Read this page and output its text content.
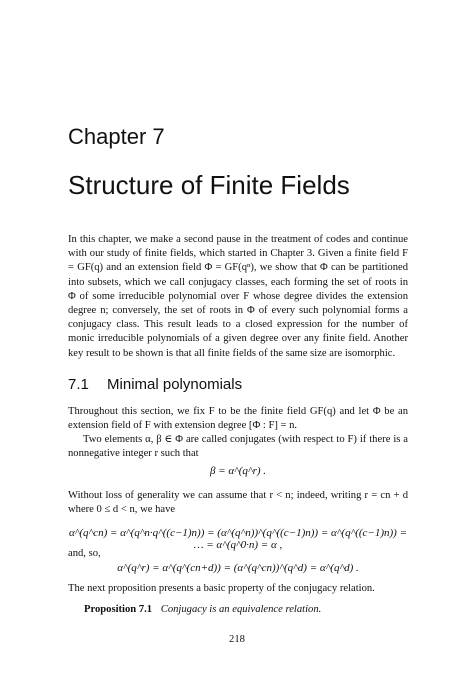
Chapter 7
Structure of Finite Fields
In this chapter, we make a second pause in the treatment of codes and continue with our study of finite fields, which started in Chapter 3. Given a finite field F = GF(q) and an extension field Φ = GF(qⁿ), we show that Φ can be partitioned into subsets, which we call conjugacy classes, each forming the set of roots in Φ of some irreducible polynomial over F whose degree divides the extension degree n; conversely, the set of roots in Φ of every such polynomial forms a conjugacy class. This result leads to a closed expression for the number of monic irreducible polynomials of a given degree over any finite field. Another key result to be shown is that all finite fields of the same size are isomorphic.
7.1 Minimal polynomials
Throughout this section, we fix F to be the finite field GF(q) and let Φ be an extension field of F with extension degree [Φ : F] = n.
Two elements α, β ∈ Φ are called conjugates (with respect to F) if there is a nonnegative integer r such that
β = α^(q^r) .
Without loss of generality we can assume that r < n; indeed, writing r = cn + d where 0 ≤ d < n, we have
α^(q^cn) = α^(q^n·q^((c−1)n)) = (α^(q^n))^(q^((c−1)n)) = α^(q^((c−1)n)) = … = α^(q^0·n) = α ,
and, so,
α^(q^r) = α^(q^(cn+d)) = (α^(q^cn))^(q^d) = α^(q^d) .
The next proposition presents a basic property of the conjugacy relation.
Proposition 7.1 Conjugacy is an equivalence relation.
218
